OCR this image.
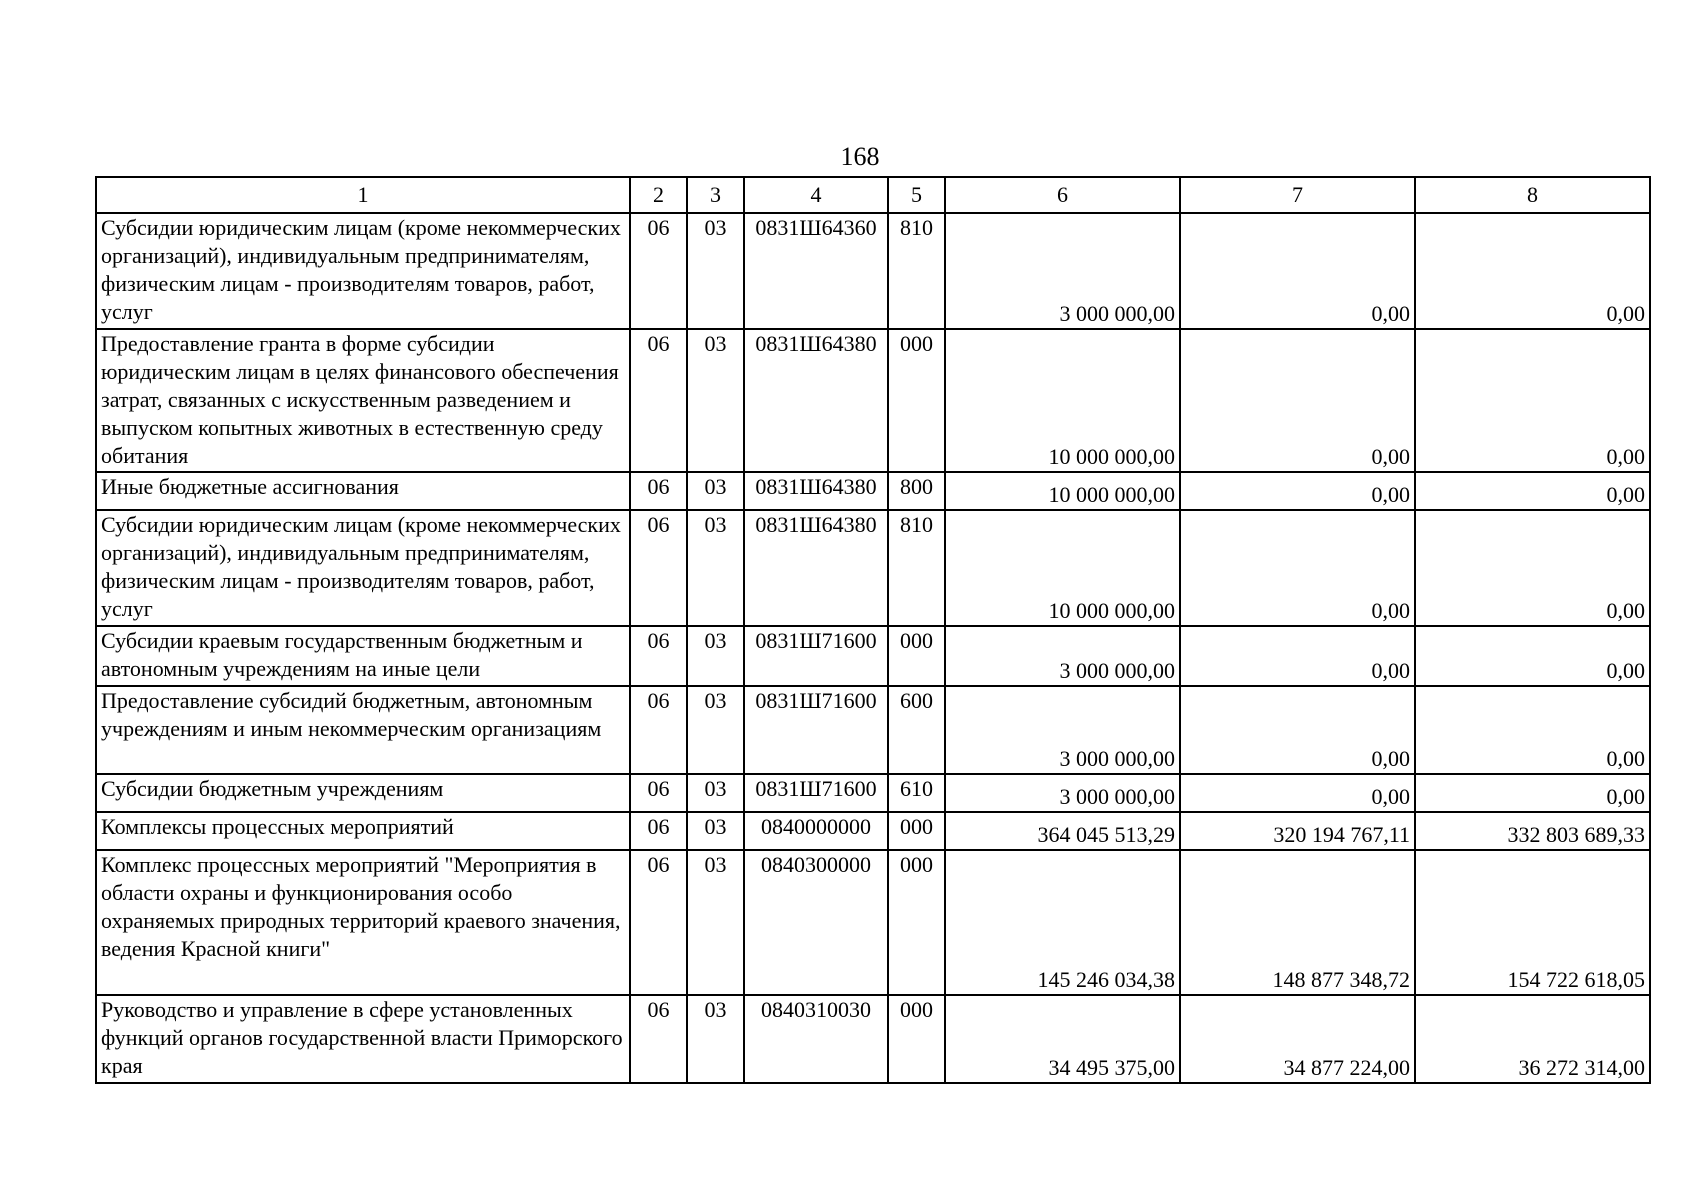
168
1	2	3	4	5	6	7	8
Субсидии юридическим лицам (кроме некоммерческих организаций), индивидуальным предпринимателям, физическим лицам - производителям товаров, работ, услуг	06	03	0831Ш64360	810	3 000 000,00	0,00	0,00
Предоставление гранта в форме субсидии юридическим лицам в целях финансового обеспечения затрат, связанных с искусственным разведением и выпуском копытных животных в естественную среду обитания	06	03	0831Ш64380	000	10 000 000,00	0,00	0,00
Иные бюджетные ассигнования	06	03	0831Ш64380	800	10 000 000,00	0,00	0,00
Субсидии юридическим лицам (кроме некоммерческих организаций), индивидуальным предпринимателям, физическим лицам - производителям товаров, работ, услуг	06	03	0831Ш64380	810	10 000 000,00	0,00	0,00
Субсидии краевым государственным бюджетным и автономным учреждениям на иные цели	06	03	0831Ш71600	000	3 000 000,00	0,00	0,00
Предоставление субсидий бюджетным, автономным учреждениям и иным некоммерческим организациям	06	03	0831Ш71600	600	3 000 000,00	0,00	0,00
Субсидии бюджетным учреждениям	06	03	0831Ш71600	610	3 000 000,00	0,00	0,00
Комплексы процессных мероприятий	06	03	0840000000	000	364 045 513,29	320 194 767,11	332 803 689,33
Комплекс процессных мероприятий "Мероприятия в области охраны и функционирования особо охраняемых природных территорий краевого значения, ведения Красной книги"	06	03	0840300000	000	145 246 034,38	148 877 348,72	154 722 618,05
Руководство и управление в сфере установленных функций органов государственной власти Приморского края	06	03	0840310030	000	34 495 375,00	34 877 224,00	36 272 314,00
